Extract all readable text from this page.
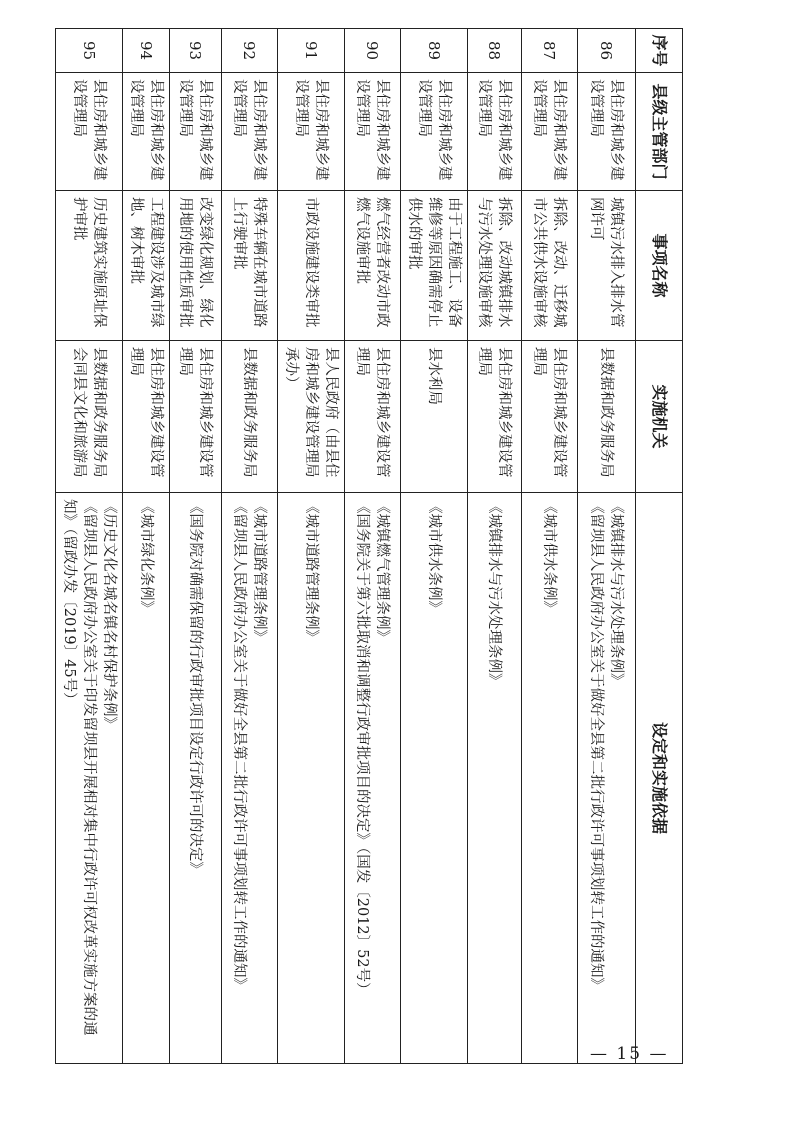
序号	县级主管部门	事项名称	实施机关	设定和实施依据
86	县住房和城乡建设管理局	城镇污水排入排水管网许可	县数据和政务服务局	《城镇排水与污水处理条例》
《留坝县人民政府办公室关于做好全县第二批行政许可事项划转工作的通知》

87	县住房和城乡建设管理局	拆除、改动、迁移城市公共供水设施审核	县住房和城乡建设管理局	《城市供水条例》

88	县住房和城乡建设管理局	拆除、改动城镇排水与污水处理设施审核	县住房和城乡建设管理局	《城镇排水与污水处理条例》

89	县住房和城乡建设管理局	由于工程施工、设备维修等原因确需停止供水的审批	县水利局	《城市供水条例》

90	县住房和城乡建设管理局	燃气经营者改动市政燃气设施审批	县住房和城乡建设管理局	《城镇燃气管理条例》
《国务院关于第六批取消和调整行政审批项目的决定》（国发〔2012〕52号）

91	县住房和城乡建设管理局	市政设施建设类审批	县人民政府（由县住房和城乡建设管理局承办）	《城市道路管理条例》

92	县住房和城乡建设管理局	特殊车辆在城市道路上行驶审批	县数据和政务服务局	《城市道路管理条例》
《留坝县人民政府办公室关于做好全县第二批行政许可事项划转工作的通知》

93	县住房和城乡建设管理局	改变绿化规划、绿化用地的使用性质审批	县住房和城乡建设管理局	《国务院对确需保留的行政审批项目设定行政许可的决定》

94	县住房和城乡建设管理局	工程建设涉及城市绿地、树木审批	县住房和城乡建设管理局	《城市绿化条例》

95	县住房和城乡建设管理局	历史建筑实施原址保护审批	县数据和政务服务局会同县文化和旅游局	《历史文化名城名镇名村保护条例》
《留坝县人民政府办公室关于印发留坝县开展相对集中行政许可权改革实施方案的通知》（留政办发〔2019〕45号）
— 15 —
